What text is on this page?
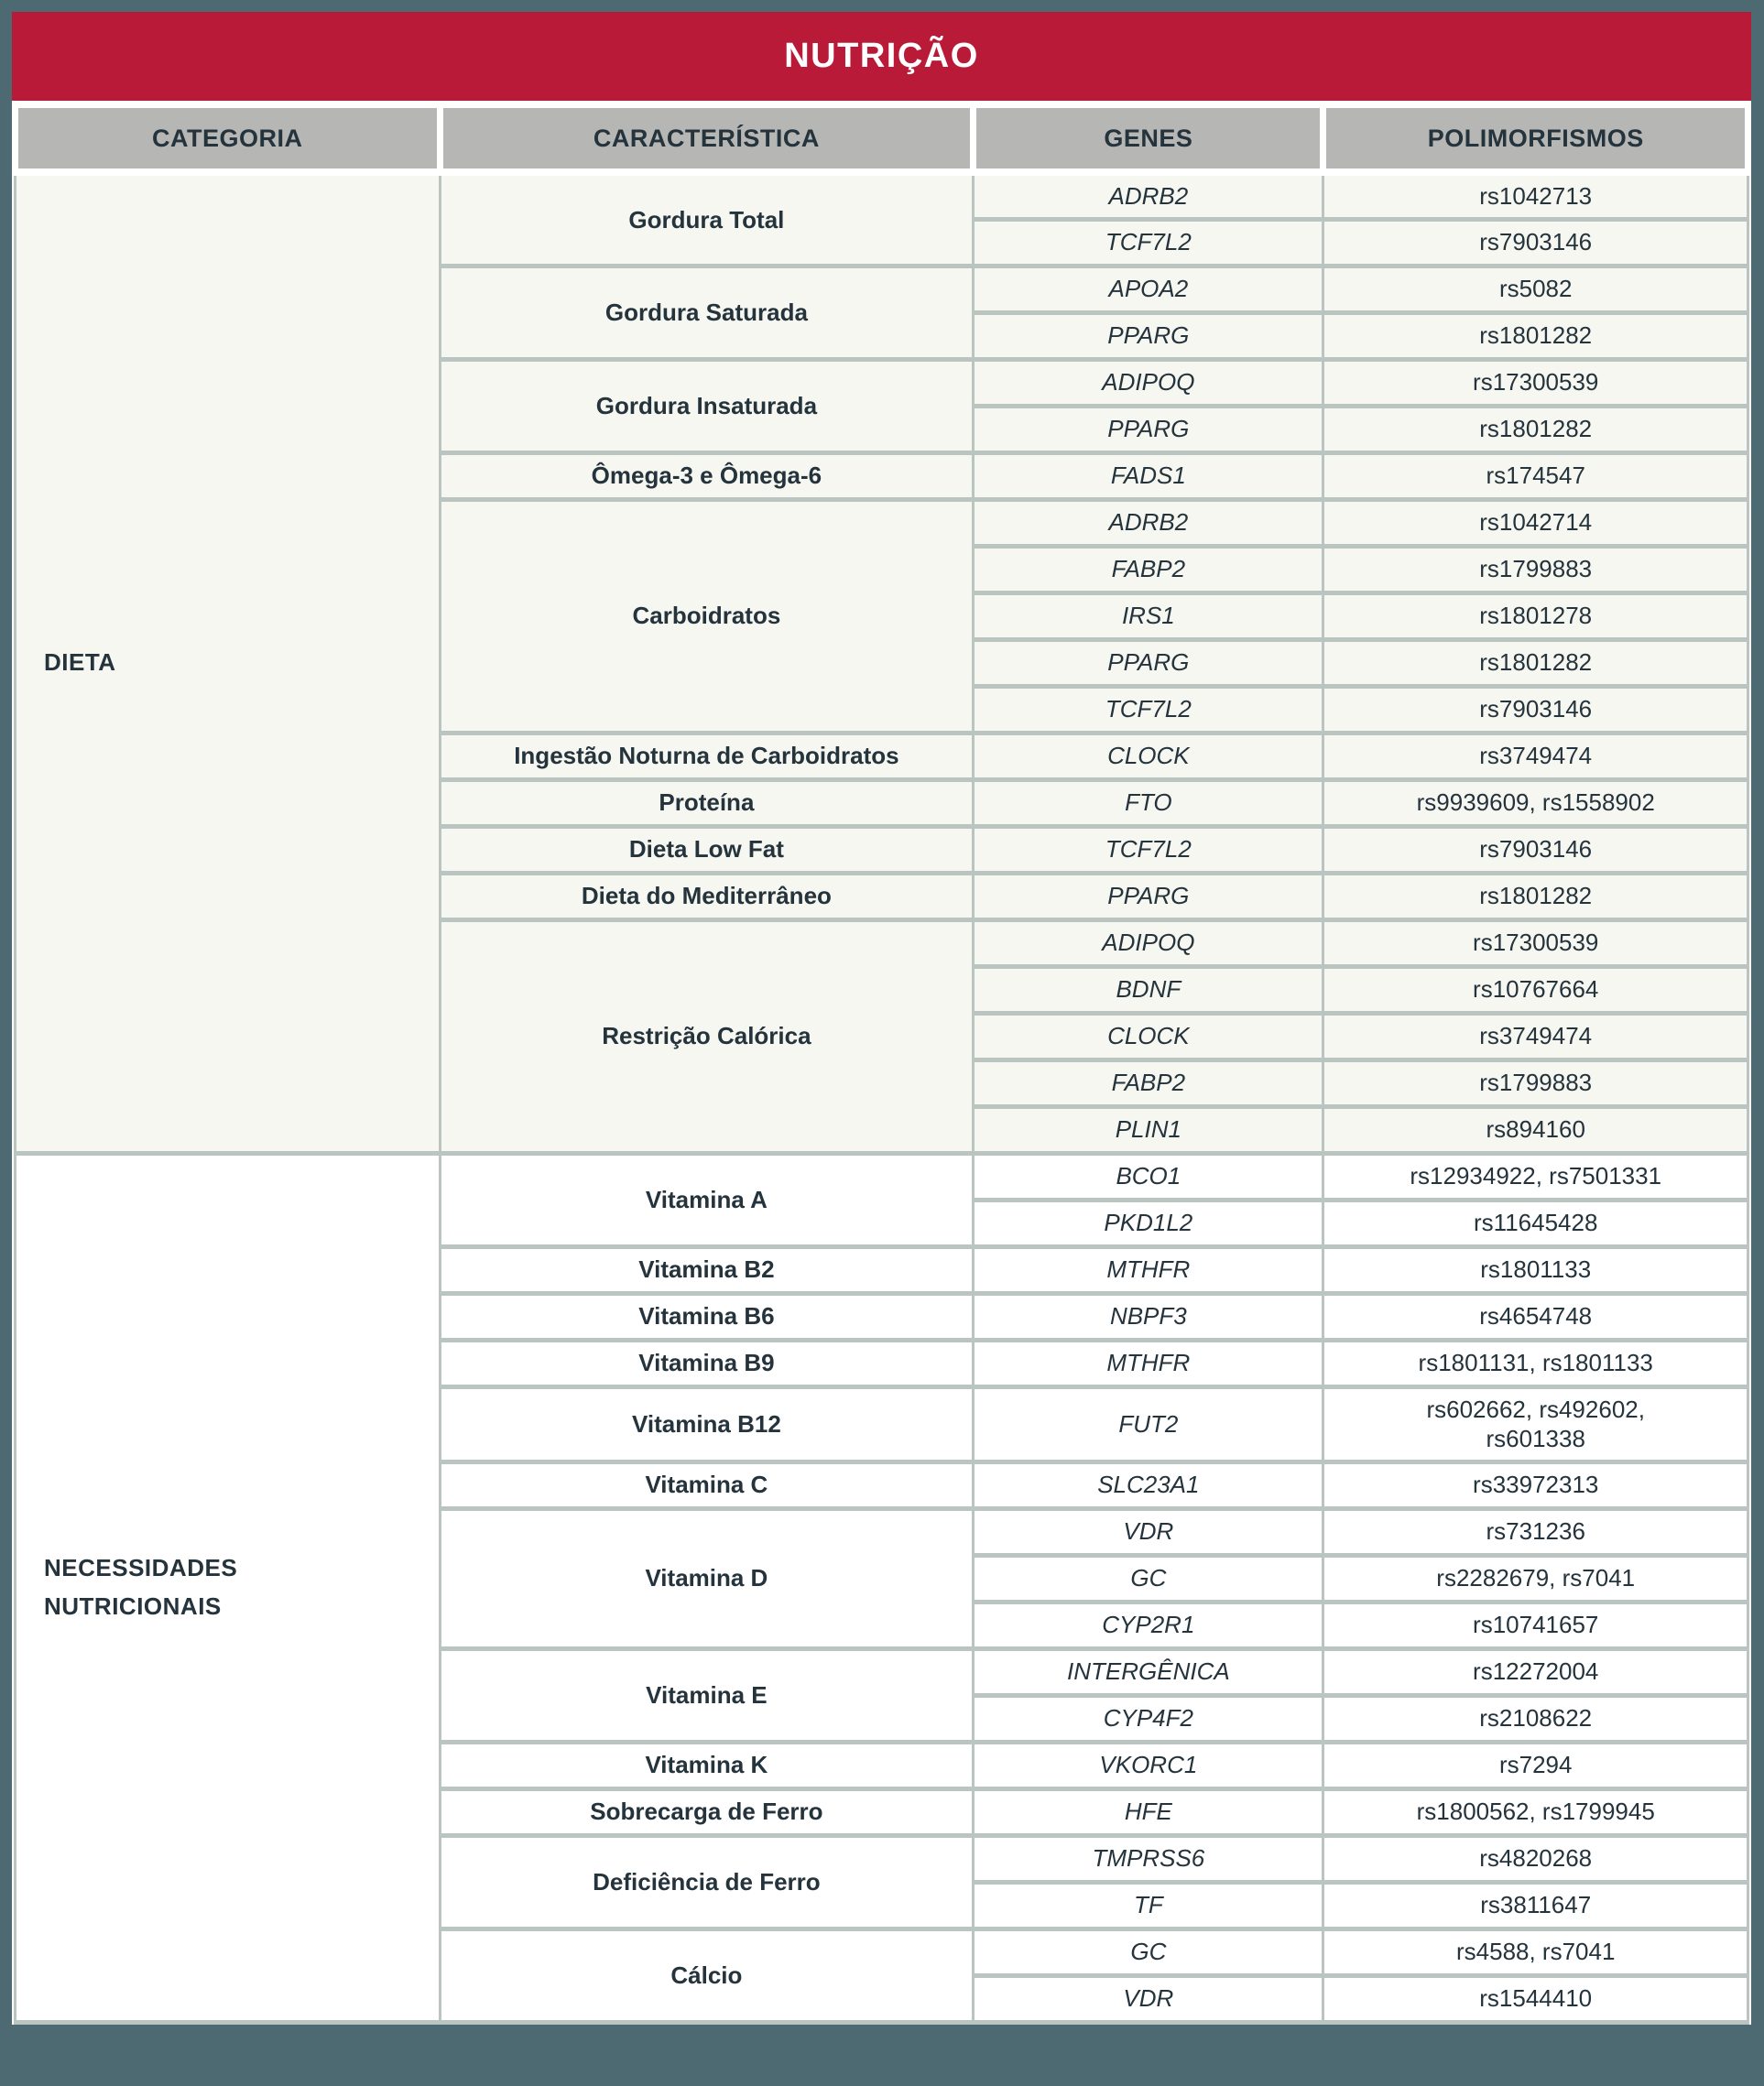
NUTRIÇÃO
CATEGORIA	CARACTERÍSTICA	GENES	POLIMORFISMOS
DIETA	Gordura Total	ADRB2	rs1042713
		TCF7L2	rs7903146
	Gordura Saturada	APOA2	rs5082
		PPARG	rs1801282
	Gordura Insaturada	ADIPOQ	rs17300539
		PPARG	rs1801282
	Ômega-3 e Ômega-6	FADS1	rs174547
	Carboidratos	ADRB2	rs1042714
		FABP2	rs1799883
		IRS1	rs1801278
		PPARG	rs1801282
		TCF7L2	rs7903146
	Ingestão Noturna de Carboidratos	CLOCK	rs3749474
	Proteína	FTO	rs9939609, rs1558902
	Dieta Low Fat	TCF7L2	rs7903146
	Dieta do Mediterrâneo	PPARG	rs1801282
	Restrição Calórica	ADIPOQ	rs17300539
		BDNF	rs10767664
		CLOCK	rs3749474
		FABP2	rs1799883
		PLIN1	rs894160
NECESSIDADES NUTRICIONAIS	Vitamina A	BCO1	rs12934922, rs7501331
		PKD1L2	rs11645428
	Vitamina B2	MTHFR	rs1801133
	Vitamina B6	NBPF3	rs4654748
	Vitamina B9	MTHFR	rs1801131, rs1801133
	Vitamina B12	FUT2	rs602662, rs492602, rs601338
	Vitamina C	SLC23A1	rs33972313
	Vitamina D	VDR	rs731236
		GC	rs2282679, rs7041
		CYP2R1	rs10741657
	Vitamina E	INTERGÊNICA	rs12272004
		CYP4F2	rs2108622
	Vitamina K	VKORC1	rs7294
	Sobrecarga de Ferro	HFE	rs1800562, rs1799945
	Deficiência de Ferro	TMPRSS6	rs4820268
		TF	rs3811647
	Cálcio	GC	rs4588, rs7041
		VDR	rs1544410
